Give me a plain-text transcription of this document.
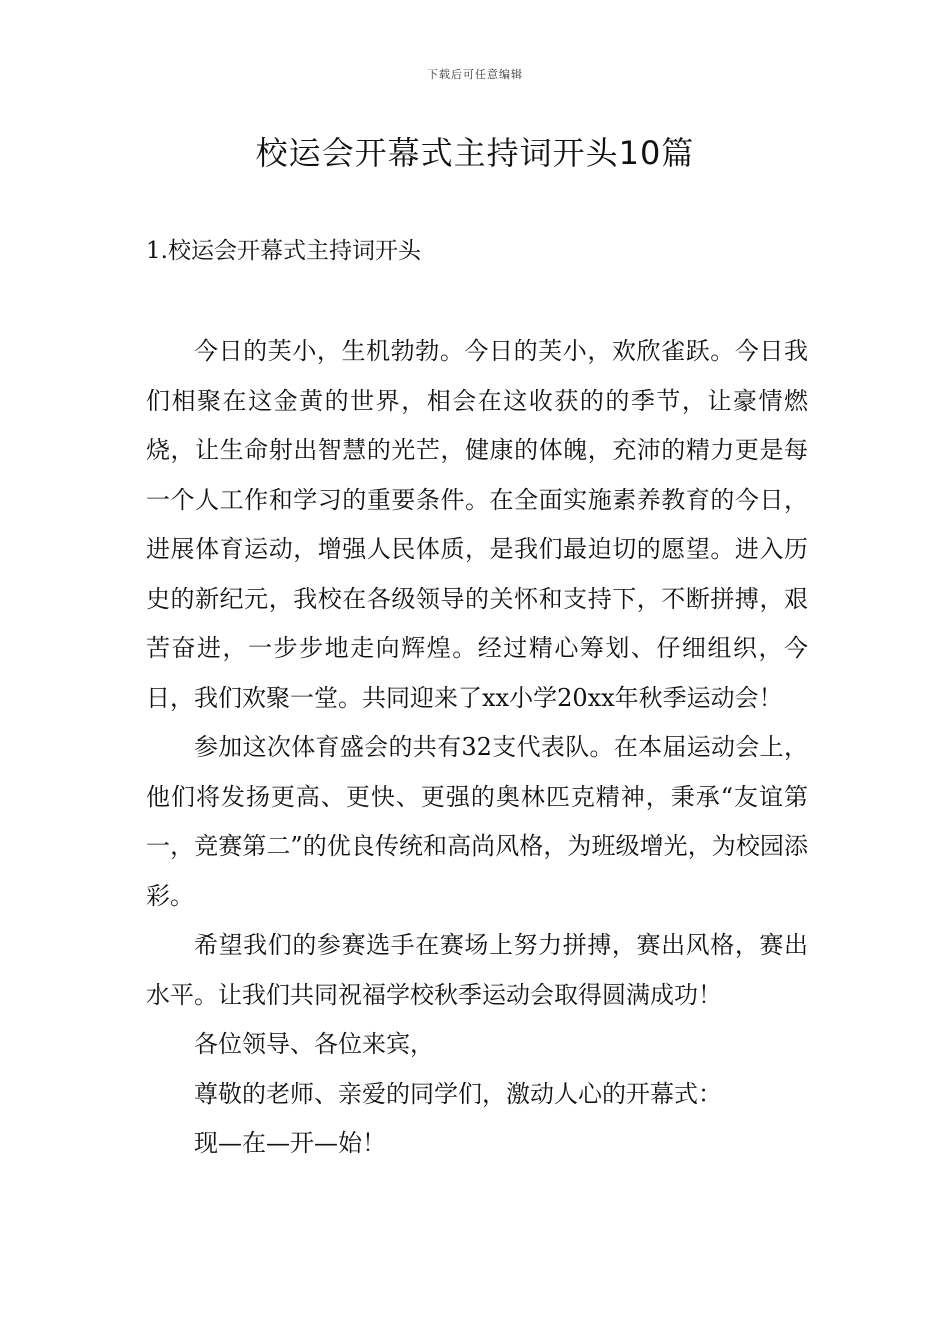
下载后可任意编辑
校运会开幕式主持词开头10篇
1.校运会开幕式主持词开头

今日的芙小，生机勃勃。今日的芙小，欢欣雀跃。今日我们相聚在这金黄的世界，相会在这收获的的季节，让豪情燃烧，让生命射出智慧的光芒，健康的体魄，充沛的精力更是每一个人工作和学习的重要条件。在全面实施素养教育的今日，进展体育运动，增强人民体质，是我们最迫切的愿望。进入历史的新纪元，我校在各级领导的关怀和支持下，不断拼搏，艰苦奋进，一步步地走向辉煌。经过精心筹划、仔细组织，今日，我们欢聚一堂。共同迎来了xx小学20xx年秋季运动会！

参加这次体育盛会的共有32支代表队。在本届运动会上，他们将发扬更高、更快、更强的奥林匹克精神，秉承“友谊第一，竞赛第二”的优良传统和高尚风格，为班级增光，为校园添彩。

希望我们的参赛选手在赛场上努力拼搏，赛出风格，赛出水平。让我们共同祝福学校秋季运动会取得圆满成功！

各位领导、各位来宾，

尊敬的老师、亲爱的同学们，激动人心的开幕式：

现—在—开—始！
